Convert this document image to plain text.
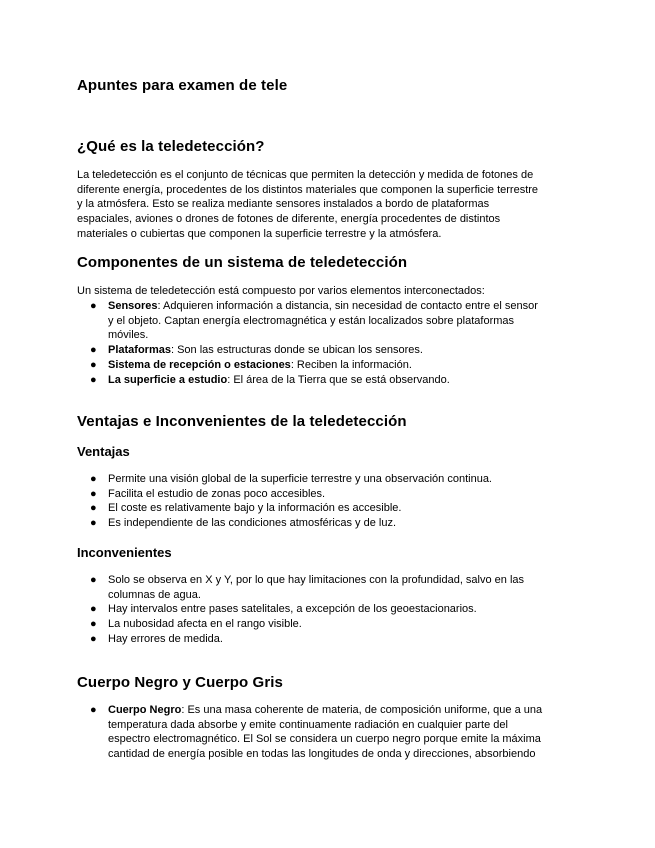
Apuntes para examen de tele
¿Qué es la teledetección?
La teledetección es el conjunto de técnicas que permiten la detección y medida de fotones de
diferente energía, procedentes de los distintos materiales que componen la superficie terrestre
y la atmósfera. Esto se realiza mediante sensores instalados a bordo de plataformas
espaciales, aviones o drones de fotones de diferente, energía procedentes de distintos
materiales o cubiertas que componen la superficie terrestre y la atmósfera.
Componentes de un sistema de teledetección
Un sistema de teledetección está compuesto por varios elementos interconectados:
● Sensores: Adquieren información a distancia, sin necesidad de contacto entre el sensor
y el objeto. Captan energía electromagnética y están localizados sobre plataformas
móviles.
● Plataformas: Son las estructuras donde se ubican los sensores.
● Sistema de recepción o estaciones: Reciben la información.
● La superficie a estudio: El área de la Tierra que se está observando.
Ventajas e Inconvenientes de la teledetección
Ventajas
● Permite una visión global de la superficie terrestre y una observación continua.
● Facilita el estudio de zonas poco accesibles.
● El coste es relativamente bajo y la información es accesible.
● Es independiente de las condiciones atmosféricas y de luz.
Inconvenientes
● Solo se observa en X y Y, por lo que hay limitaciones con la profundidad, salvo en las
columnas de agua.
● Hay intervalos entre pases satelitales, a excepción de los geoestacionarios.
● La nubosidad afecta en el rango visible.
● Hay errores de medida.
Cuerpo Negro y Cuerpo Gris
● Cuerpo Negro: Es una masa coherente de materia, de composición uniforme, que a una
temperatura dada absorbe y emite continuamente radiación en cualquier parte del
espectro electromagnético. El Sol se considera un cuerpo negro porque emite la máxima
cantidad de energía posible en todas las longitudes de onda y direcciones, absorbiendo
